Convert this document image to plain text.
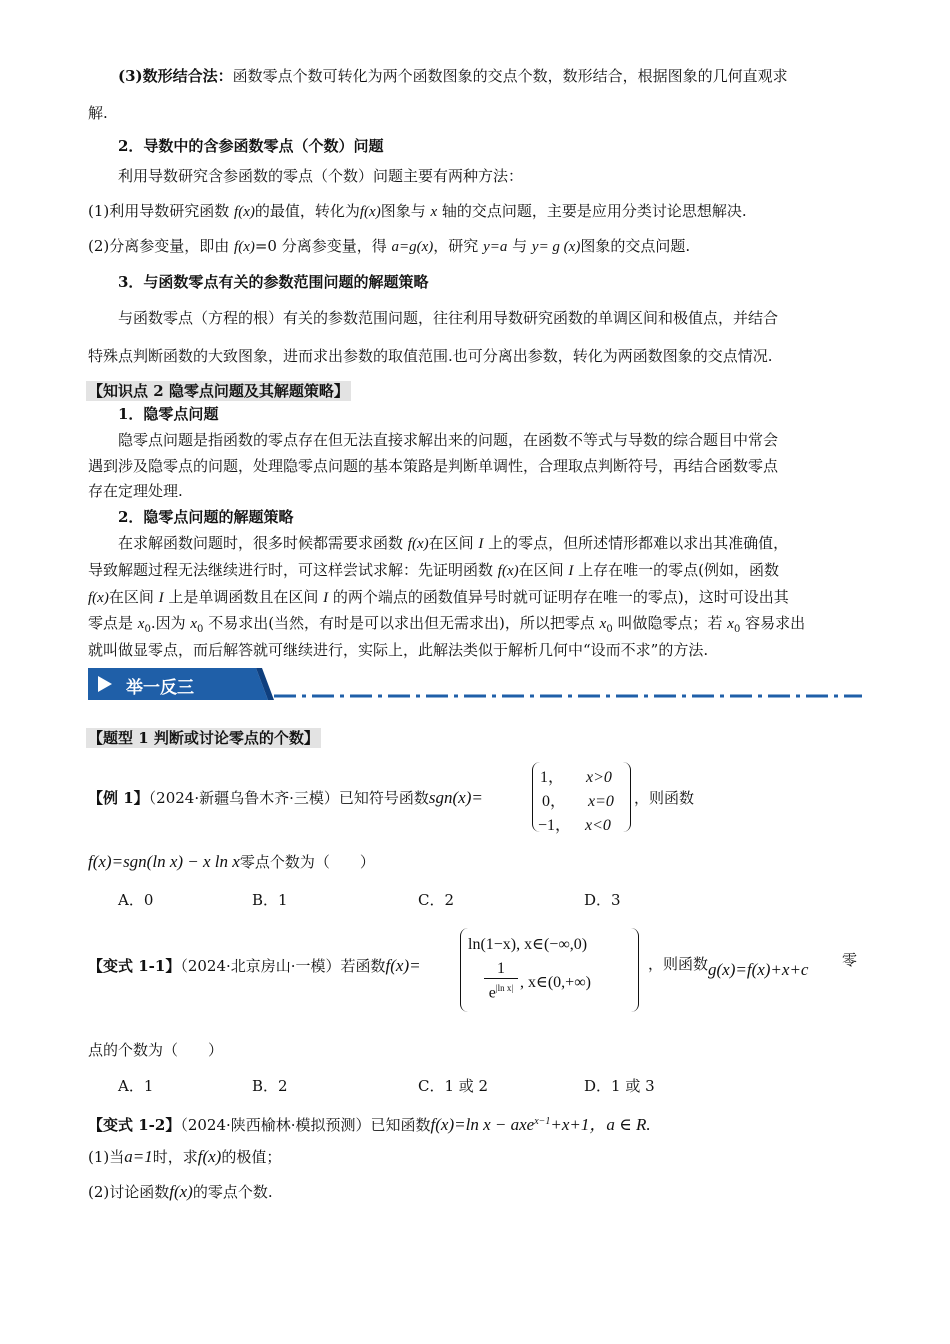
(3)数形结合法：函数零点个数可转化为两个函数图象的交点个数，数形结合，根据图象的几何直观求
解.
2．导数中的含参函数零点（个数）问题
利用导数研究含参函数的零点（个数）问题主要有两种方法：
(1)利用导数研究函数 f(x)的最值，转化为f(x)图象与 x 轴的交点问题，主要是应用分类讨论思想解决.
(2)分离参变量，即由 f(x)=0 分离参变量，得 a=g(x)，研究 y=a 与 y= g (x)图象的交点问题.
3．与函数零点有关的参数范围问题的解题策略
与函数零点（方程的根）有关的参数范围问题，往往利用导数研究函数的单调区间和极值点，并结合
特殊点判断函数的大致图象，进而求出参数的取值范围.也可分离出参数，转化为两函数图象的交点情况.
【知识点 2 隐零点问题及其解题策略】
1．隐零点问题
隐零点问题是指函数的零点存在但无法直接求解出来的问题，在函数不等式与导数的综合题目中常会
遇到涉及隐零点的问题，处理隐零点问题的基本策路是判断单调性，合理取点判断符号，再结合函数零点
存在定理处理.
2．隐零点问题的解题策略
在求解函数问题时，很多时候都需要求函数 f(x)在区间 I 上的零点，但所述情形都难以求出其准确值，
导致解题过程无法继续进行时，可这样尝试求解：先证明函数 f(x)在区间 I 上存在唯一的零点(例如，函数
f(x)在区间 I 上是单调函数且在区间 I 的两个端点的函数值异号时就可证明存在唯一的零点)，这时可设出其
零点是 $x_0$.因为 $x_0$ 不易求出(当然，有时是可以求出但无需求出)，所以把零点 $x_0$ 叫做隐零点；若 $x_0$ 容易求出
就叫做显零点，而后解答就可继续进行，实际上，此解法类似于解析几何中“设而不求”的方法.
举一反三
【题型 1 判断或讨论零点的个数】
【例 1】（2024·新疆乌鲁木齐·三模）已知符号函数sgn(x)=
1， x>0
0， x=0
−1， x<0
，则函数
f(x)=sgn(ln x) − x ln x零点个数为（　　）
A．0	B．1	C．2	D．3
【变式 1-1】（2024·北京房山·一模）若函数f(x)=
ln(1−x), x∈(−∞,0)
1
$e^{|ln x|}$ , x∈(0,+∞)
，则函数 g(x)=f(x)+x+c 零
点的个数为（　　）
A．1	B．2	C．1 或 2	D．1 或 3
【变式 1-2】（2024·陕西榆林·模拟预测）已知函数f(x)=ln x − axe$^{x-1}$+x+1，a ∈ R.
(1)当a=1时，求f(x)的极值；
(2)讨论函数f(x)的零点个数.
